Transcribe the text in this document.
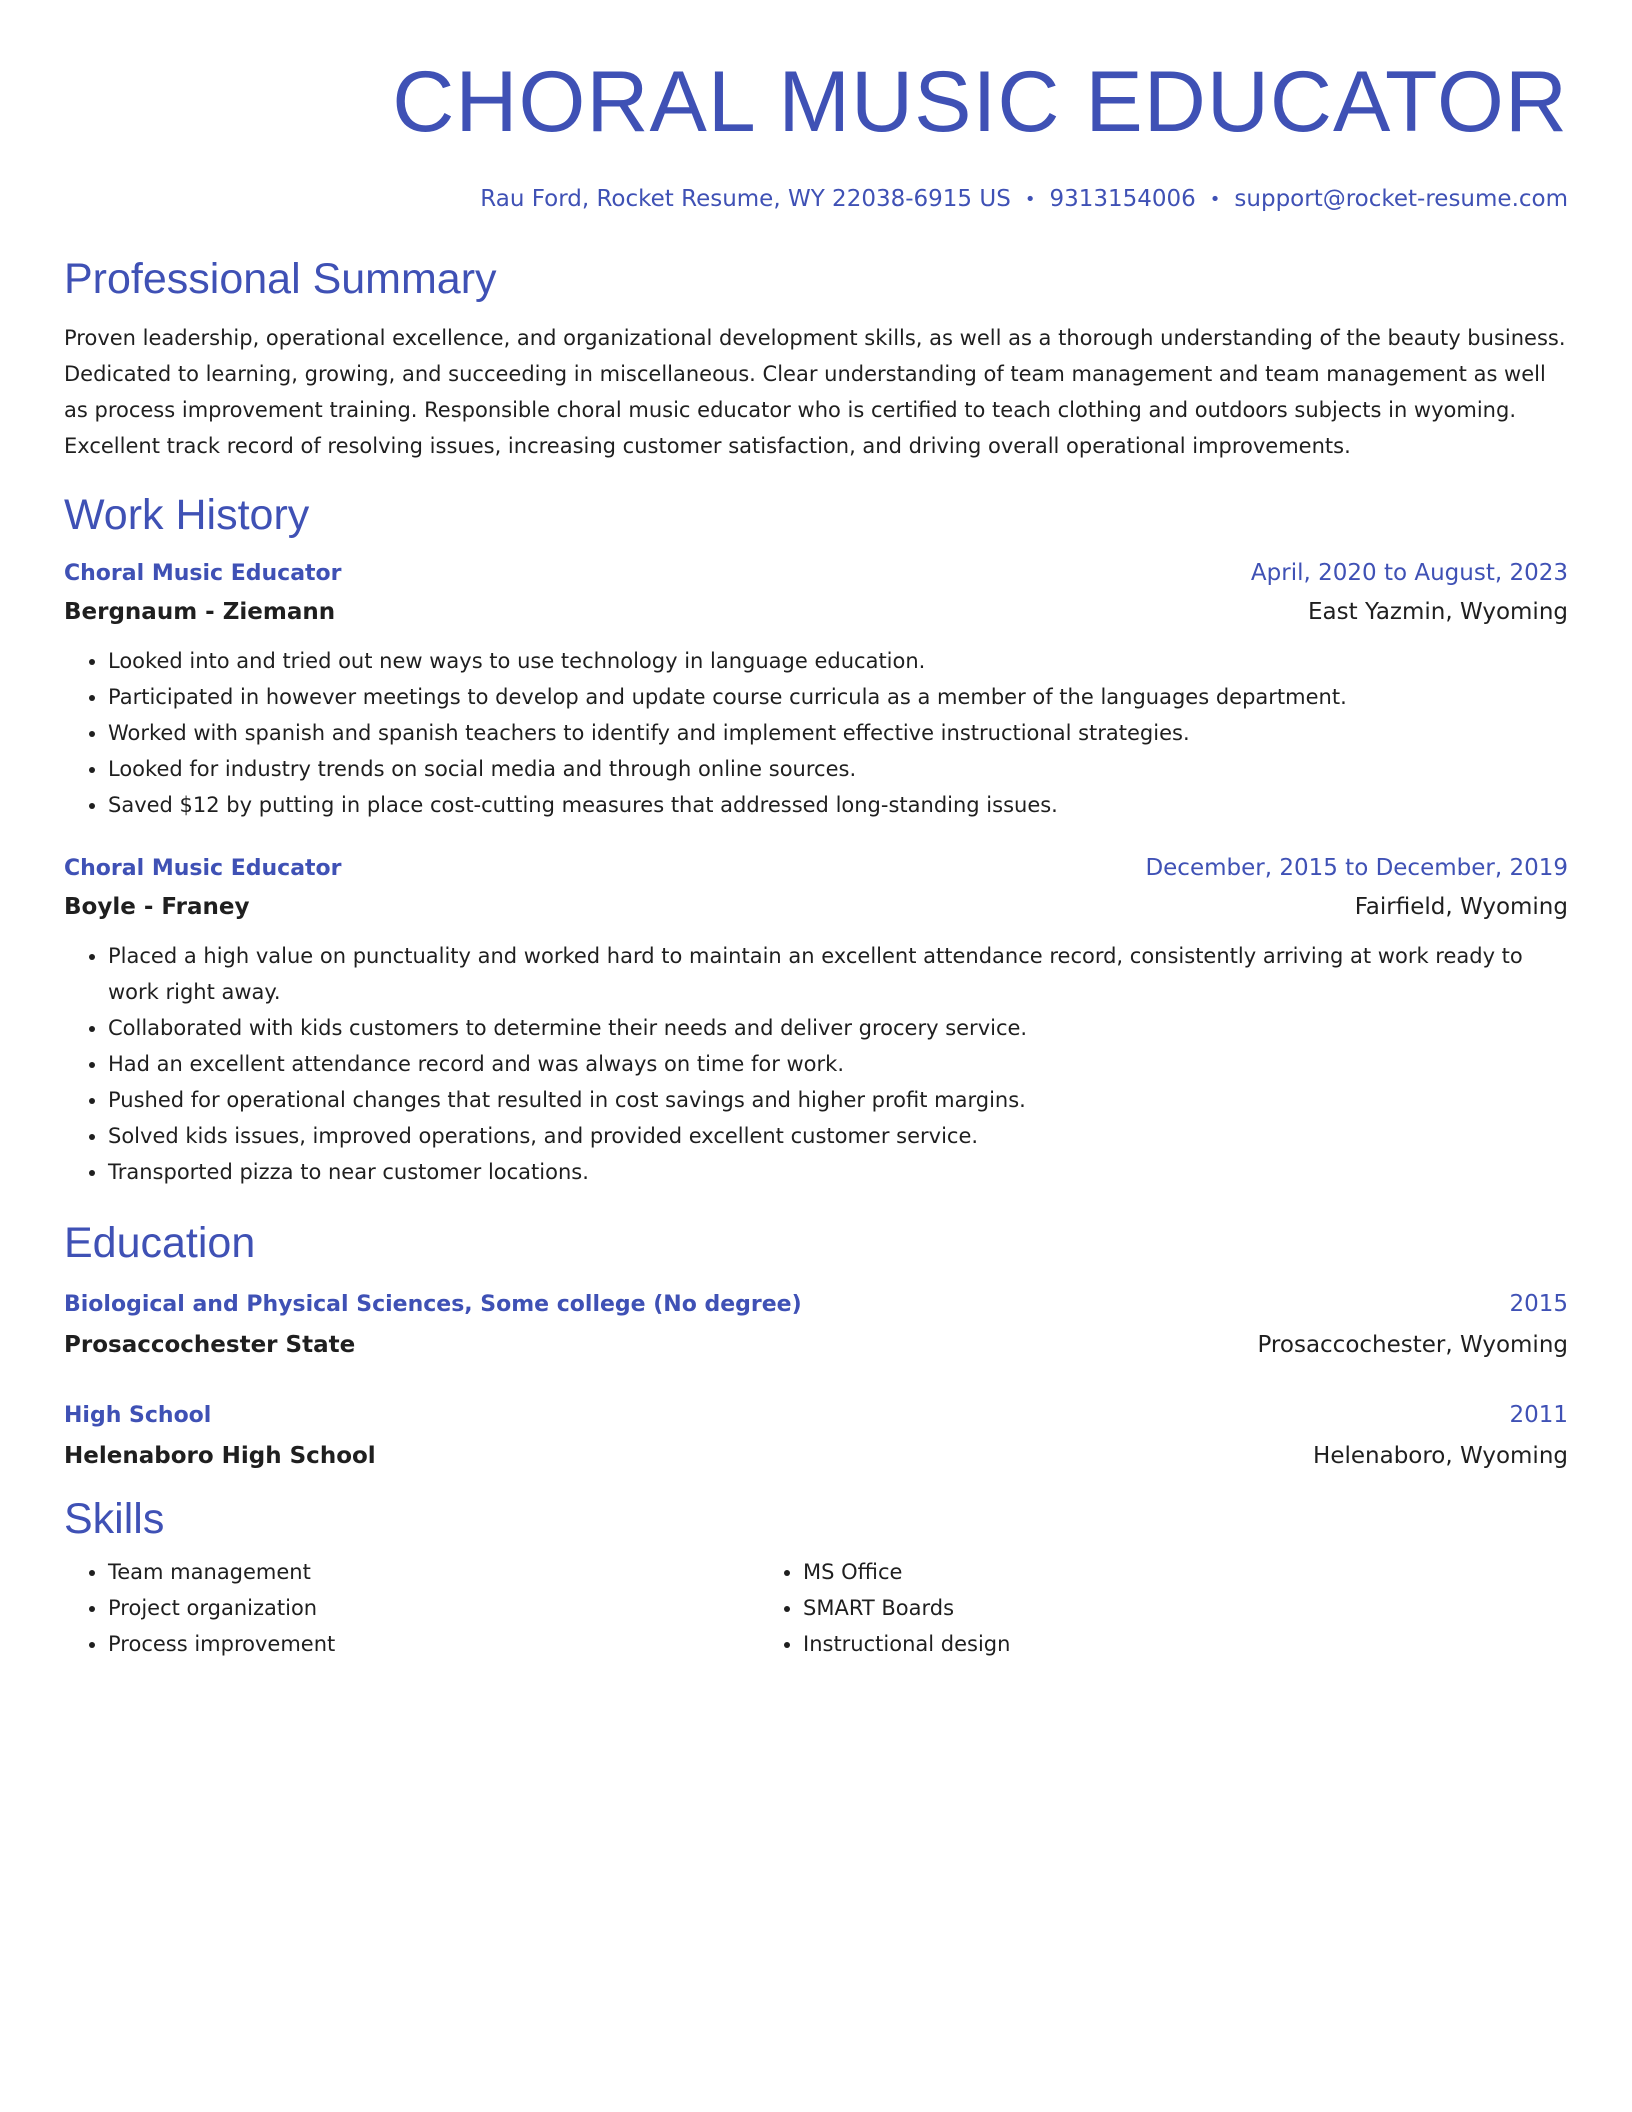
CHORAL MUSIC EDUCATOR
Rau Ford, Rocket Resume, WY 22038-6915 US • 9313154006 • support@rocket-resume.com
Professional Summary
Proven leadership, operational excellence, and organizational development skills, as well as a thorough understanding of the beauty business. Dedicated to learning, growing, and succeeding in miscellaneous. Clear understanding of team management and team management as well as process improvement training. Responsible choral music educator who is certified to teach clothing and outdoors subjects in wyoming. Excellent track record of resolving issues, increasing customer satisfaction, and driving overall operational improvements.
Work History
Choral Music Educator	April, 2020 to August, 2023
Bergnaum - Ziemann	East Yazmin, Wyoming
• Looked into and tried out new ways to use technology in language education.
• Participated in however meetings to develop and update course curricula as a member of the languages department.
• Worked with spanish and spanish teachers to identify and implement effective instructional strategies.
• Looked for industry trends on social media and through online sources.
• Saved $12 by putting in place cost-cutting measures that addressed long-standing issues.
Choral Music Educator	December, 2015 to December, 2019
Boyle - Franey	Fairfield, Wyoming
• Placed a high value on punctuality and worked hard to maintain an excellent attendance record, consistently arriving at work ready to work right away.
• Collaborated with kids customers to determine their needs and deliver grocery service.
• Had an excellent attendance record and was always on time for work.
• Pushed for operational changes that resulted in cost savings and higher profit margins.
• Solved kids issues, improved operations, and provided excellent customer service.
• Transported pizza to near customer locations.
Education
Biological and Physical Sciences, Some college (No degree)	2015
Prosaccochester State	Prosaccochester, Wyoming
High School	2011
Helenaboro High School	Helenaboro, Wyoming
Skills
• Team management
• Project organization
• Process improvement
• MS Office
• SMART Boards
• Instructional design
